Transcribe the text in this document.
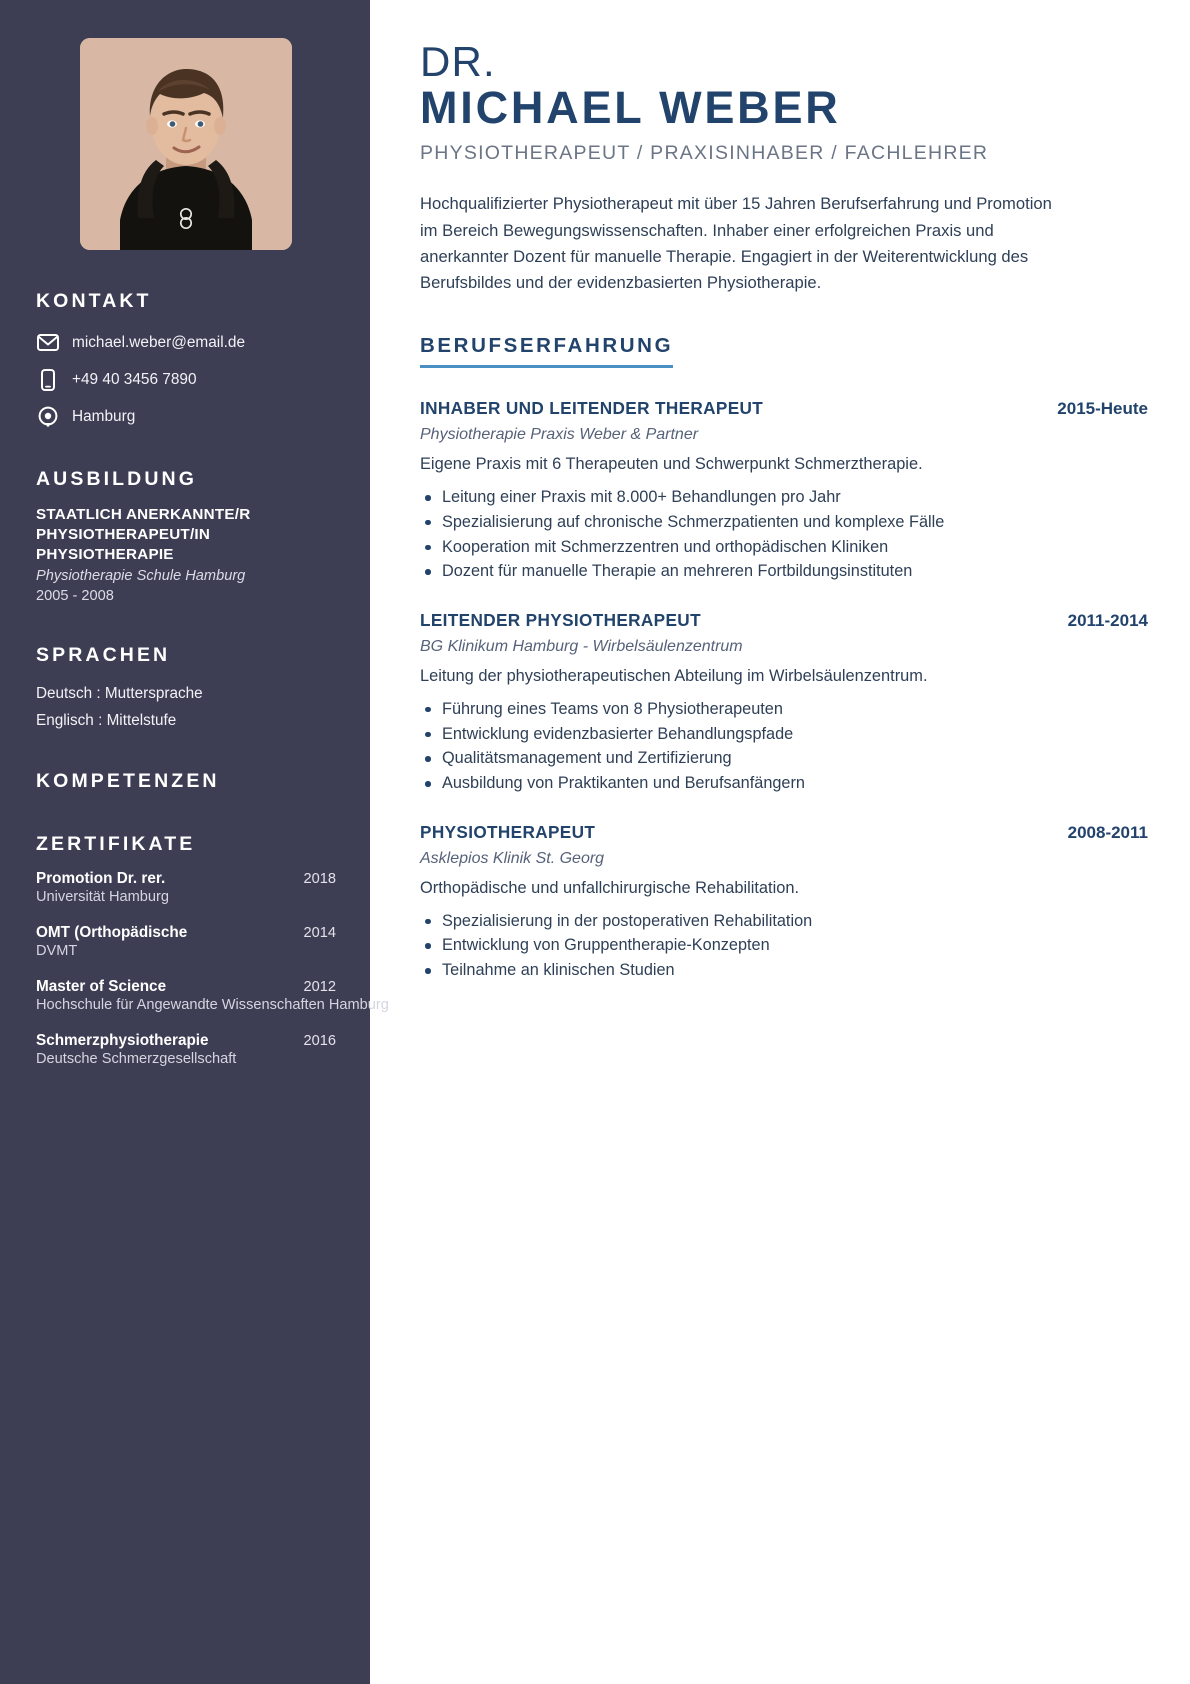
KONTAKT
michael.weber@email.de
+49 40 3456 7890
Hamburg
AUSBILDUNG
STAATLICH ANERKANNTE/R PHYSIOTHERAPEUT/IN PHYSIOTHERAPIE
Physiotherapie Schule Hamburg
2005 - 2008
SPRACHEN
Deutsch : Muttersprache
Englisch : Mittelstufe
KOMPETENZEN
ZERTIFIKATE
Promotion Dr. rer.	2018
Universität Hamburg
OMT (Orthopädische	2014
DVMT
Master of Science	2012
Hochschule für Angewandte Wissenschaften Hamburg
Schmerzphysiotherapie	2016
Deutsche Schmerzgesellschaft
DR.
MICHAEL WEBER
PHYSIOTHERAPEUT / PRAXISINHABER / FACHLEHRER

Hochqualifizierter Physiotherapeut mit über 15 Jahren Berufserfahrung und Promotion im Bereich Bewegungswissenschaften. Inhaber einer erfolgreichen Praxis und anerkannter Dozent für manuelle Therapie. Engagiert in der Weiterentwicklung des Berufsbildes und der evidenzbasierten Physiotherapie.

BERUFSERFAHRUNG
INHABER UND LEITENDER THERAPEUT	2015-Heute
Physiotherapie Praxis Weber & Partner
Eigene Praxis mit 6 Therapeuten und Schwerpunkt Schmerztherapie.
Leitung einer Praxis mit 8.000+ Behandlungen pro Jahr
Spezialisierung auf chronische Schmerzpatienten und komplexe Fälle
Kooperation mit Schmerzzentren und orthopädischen Kliniken
Dozent für manuelle Therapie an mehreren Fortbildungsinstituten
LEITENDER PHYSIOTHERAPEUT	2011-2014
BG Klinikum Hamburg - Wirbelsäulenzentrum
Leitung der physiotherapeutischen Abteilung im Wirbelsäulenzentrum.
Führung eines Teams von 8 Physiotherapeuten
Entwicklung evidenzbasierter Behandlungspfade
Qualitätsmanagement und Zertifizierung
Ausbildung von Praktikanten und Berufsanfängern
PHYSIOTHERAPEUT	2008-2011
Asklepios Klinik St. Georg
Orthopädische und unfallchirurgische Rehabilitation.
Spezialisierung in der postoperativen Rehabilitation
Entwicklung von Gruppentherapie-Konzepten
Teilnahme an klinischen Studien
